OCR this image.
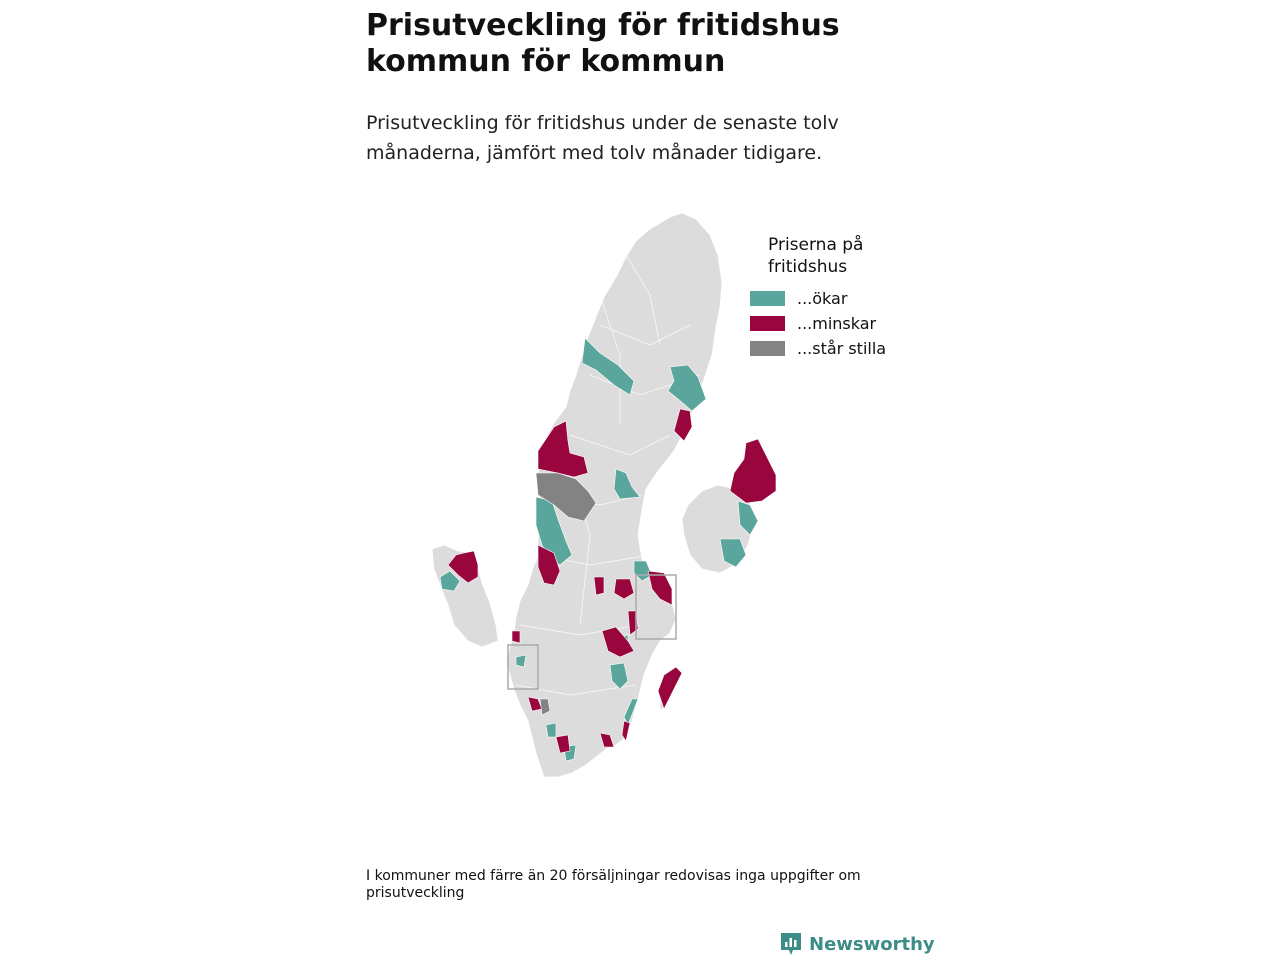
Prisutveckling för fritidshus kommun för kommun

Prisutveckling för fritidshus under de senaste tolv månaderna, jämfört med tolv månader tidigare.

Priserna på fritidshus
...ökar
...minskar
...står stilla
I kommuner med färre än 20 försäljningar redovisas inga uppgifter om prisutveckling
Newsworthy
